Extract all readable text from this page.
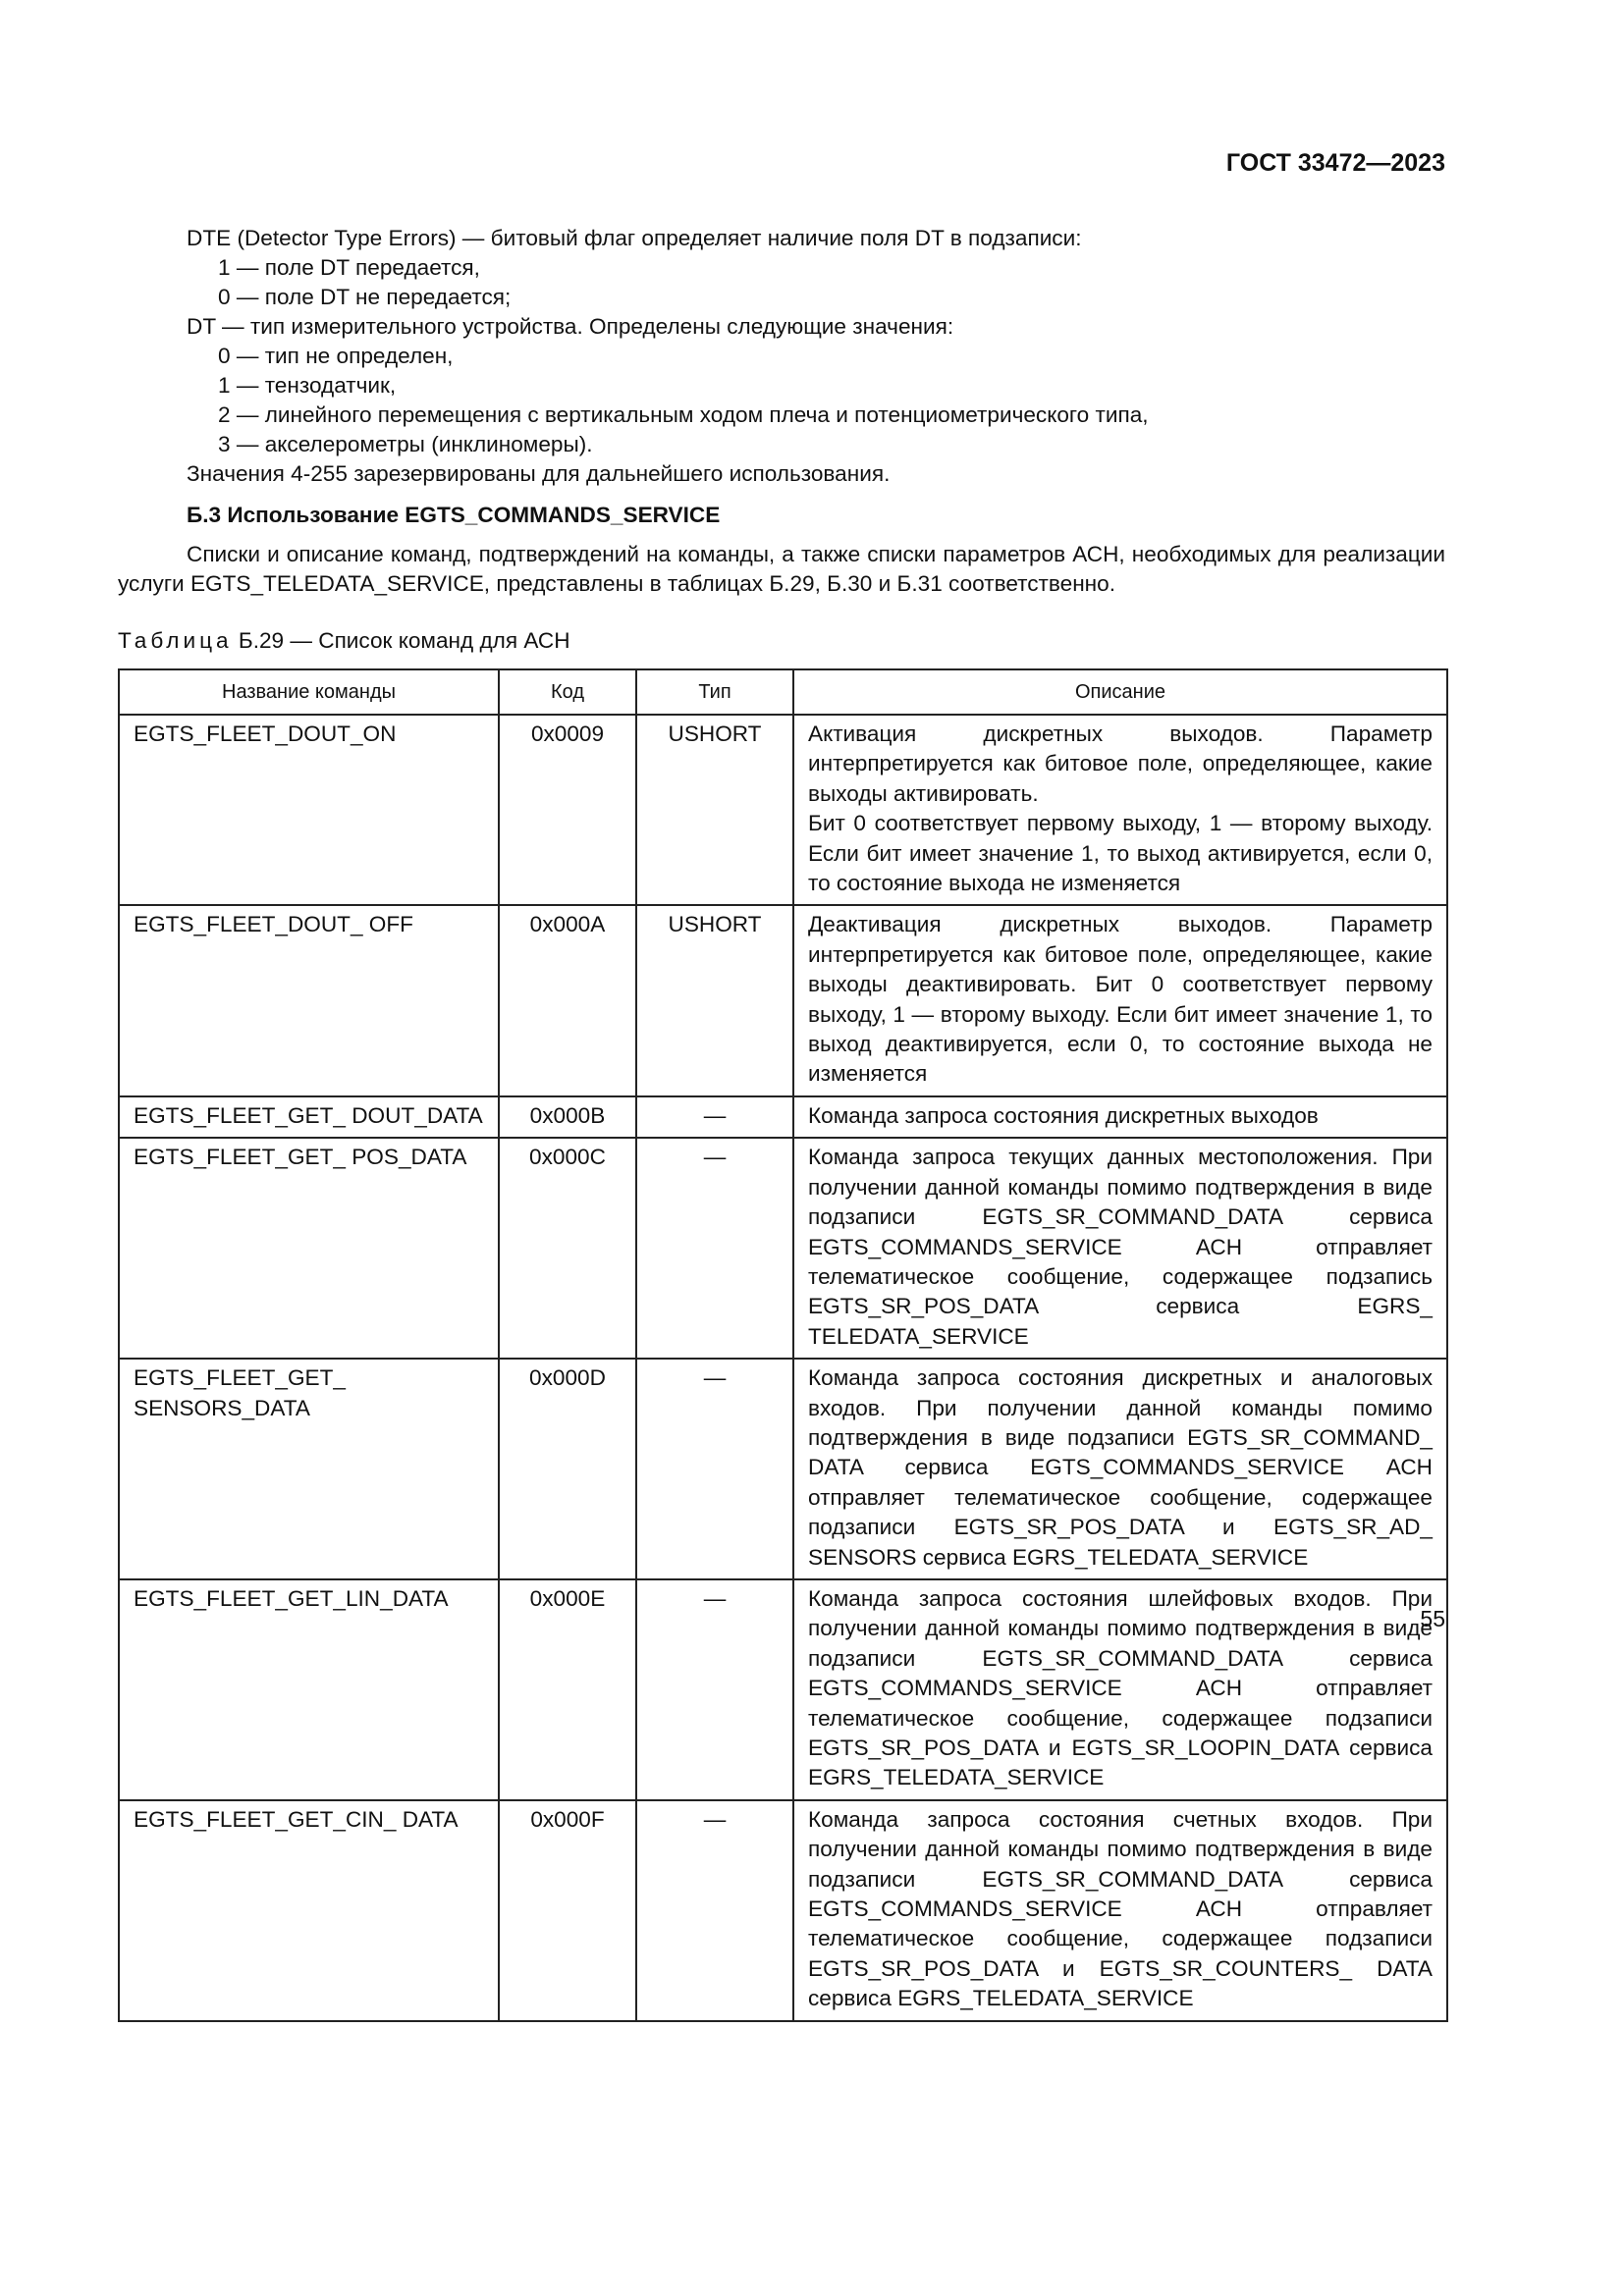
ГОСТ 33472—2023
DTE (Detector Type Errors) — битовый флаг определяет наличие поля DT в подзаписи:
1 — поле DT передается,
0 — поле DT не передается;
DT — тип измерительного устройства. Определены следующие значения:
0 — тип не определен,
1 — тензодатчик,
2 — линейного перемещения с вертикальным ходом плеча и потенциометрического типа,
3 — акселерометры (инклиномеры).
Значения 4-255 зарезервированы для дальнейшего использования.
Б.3 Использование EGTS_COMMANDS_SERVICE
Списки и описание команд, подтверждений на команды, а также списки параметров АСН, необходимых для реализации услуги EGTS_TELEDATA_SERVICE, представлены в таблицах Б.29, Б.30 и Б.31 соответственно.
Таблица Б.29 — Список команд для АСН
Название команды	Код	Тип	Описание
EGTS_FLEET_DOUT_ON	0x0009	USHORT	Активация дискретных выходов. Параметр интерпретируется как битовое поле, определяющее, какие выходы активировать.
Бит 0 соответствует первому выходу, 1 — второму выходу. Если бит имеет значение 1, то выход активируется, если 0, то состояние выхода не изменяется

EGTS_FLEET_DOUT_ OFF	0x000A	USHORT	Деактивация дискретных выходов. Параметр интерпретируется как битовое поле, определяющее, какие выходы деактивировать. Бит 0 соответствует первому выходу, 1 — второму выходу. Если бит имеет значение 1, то выход деактивируется, если 0, то состояние выхода не изменяется
EGTS_FLEET_GET_ DOUT_DATA	0x000B	—	Команда запроса состояния дискретных выходов
EGTS_FLEET_GET_ POS_DATA	0x000C	—	Команда запроса текущих данных местоположения. При получении данной команды помимо подтверждения в виде подзаписи EGTS_SR_COMMAND_DATA сервиса EGTS_COMMANDS_SERVICE АСН отправляет телематическое сообщение, содержащее подзапись EGTS_SR_POS_DATA сервиса EGRS_ TELEDATA_SERVICE
EGTS_FLEET_GET_ SENSORS_DATA	0x000D	—	Команда запроса состояния дискретных и аналоговых входов. При получении данной команды помимо подтверждения в виде подзаписи EGTS_SR_COMMAND_ DATA сервиса EGTS_COMMANDS_SERVICE АСН отправляет телематическое сообщение, содержащее подзаписи EGTS_SR_POS_DATA и EGTS_SR_AD_ SENSORS сервиса EGRS_TELEDATA_SERVICE
EGTS_FLEET_GET_LIN_DATA	0x000E	—	Команда запроса состояния шлейфовых входов. При получении данной команды помимо подтверждения в виде подзаписи EGTS_SR_COMMAND_DATA сервиса EGTS_COMMANDS_SERVICE АСН отправляет телематическое сообщение, содержащее подзаписи EGTS_SR_POS_DATA и EGTS_SR_LOOPIN_DATA сервиса EGRS_TELEDATA_SERVICE
EGTS_FLEET_GET_CIN_ DATA	0x000F	—	Команда запроса состояния счетных входов. При получении данной команды помимо подтверждения в виде подзаписи EGTS_SR_COMMAND_DATA сервиса EGTS_COMMANDS_SERVICE АСН отправляет телематическое сообщение, содержащее подзаписи EGTS_SR_POS_DATA и EGTS_SR_COUNTERS_ DATA сервиса EGRS_TELEDATA_SERVICE
55
